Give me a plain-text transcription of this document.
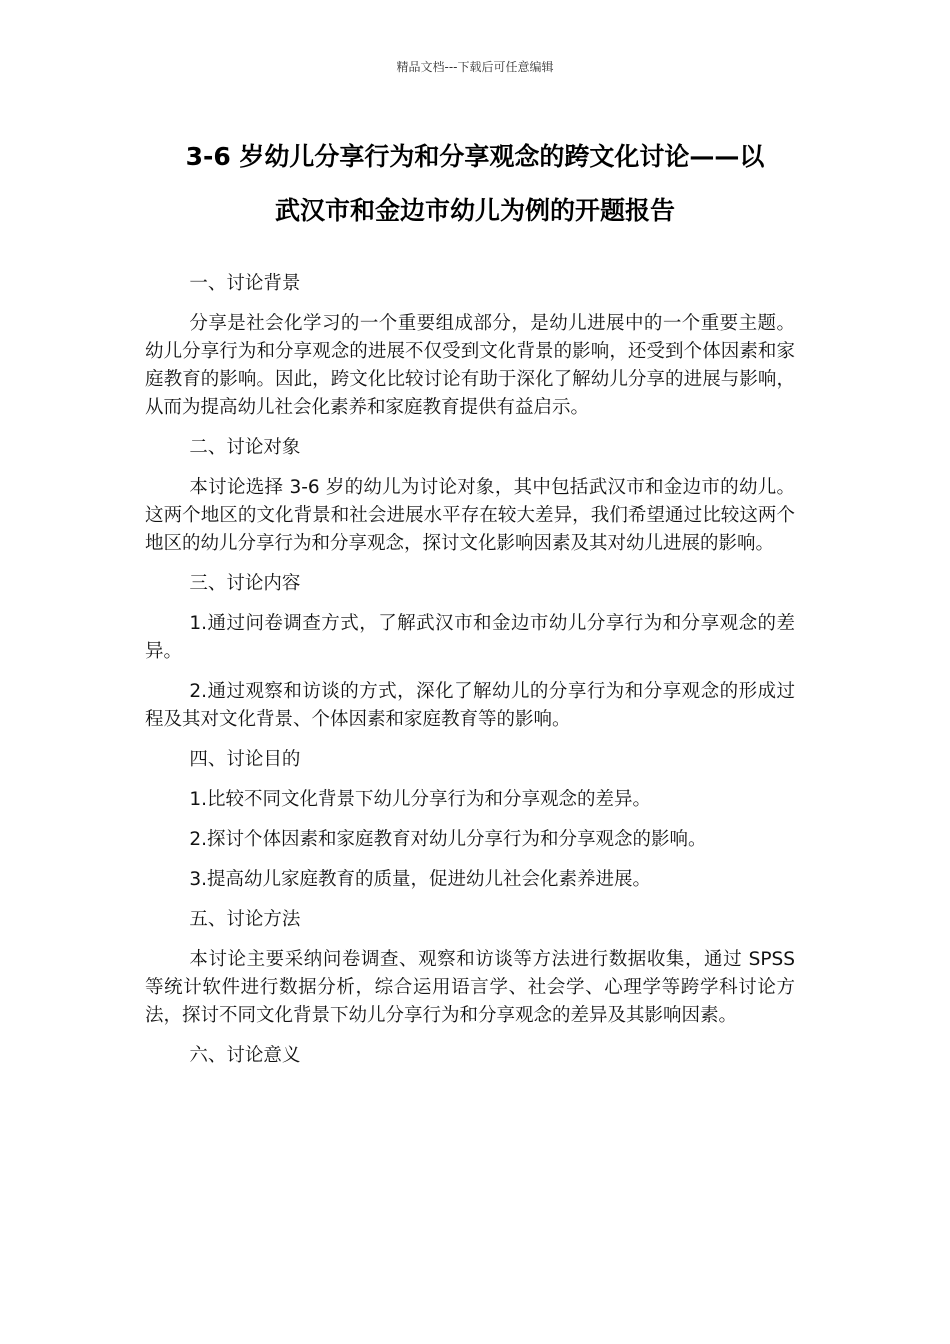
精品文档---下载后可任意编辑
3-6 岁幼儿分享行为和分享观念的跨文化讨论——以
武汉市和金边市幼儿为例的开题报告

一、讨论背景

分享是社会化学习的一个重要组成部分，是幼儿进展中的一个重要主题。幼儿分享行为和分享观念的进展不仅受到文化背景的影响，还受到个体因素和家庭教育的影响。因此，跨文化比较讨论有助于深化了解幼儿分享的进展与影响，从而为提高幼儿社会化素养和家庭教育提供有益启示。

二、讨论对象

本讨论选择 3-6 岁的幼儿为讨论对象，其中包括武汉市和金边市的幼儿。这两个地区的文化背景和社会进展水平存在较大差异，我们希望通过比较这两个地区的幼儿分享行为和分享观念，探讨文化影响因素及其对幼儿进展的影响。

三、讨论内容

1.通过问卷调查方式，了解武汉市和金边市幼儿分享行为和分享观念的差异。

2.通过观察和访谈的方式，深化了解幼儿的分享行为和分享观念的形成过程及其对文化背景、个体因素和家庭教育等的影响。

四、讨论目的

1.比较不同文化背景下幼儿分享行为和分享观念的差异。

2.探讨个体因素和家庭教育对幼儿分享行为和分享观念的影响。

3.提高幼儿家庭教育的质量，促进幼儿社会化素养进展。

五、讨论方法

本讨论主要采纳问卷调查、观察和访谈等方法进行数据收集，通过 SPSS 等统计软件进行数据分析，综合运用语言学、社会学、心理学等跨学科讨论方法，探讨不同文化背景下幼儿分享行为和分享观念的差异及其影响因素。

六、讨论意义
